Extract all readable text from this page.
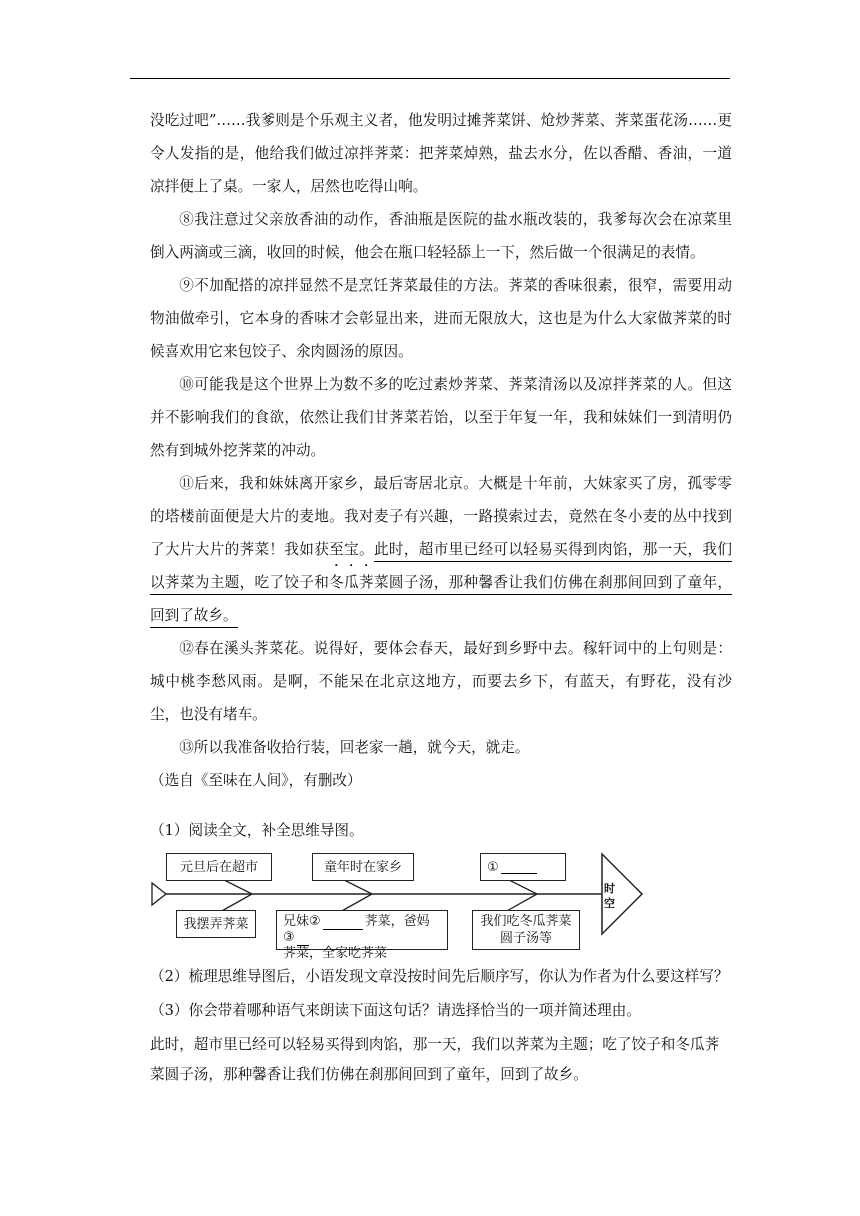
没吃过吧”……我爹则是个乐观主义者，他发明过摊荠菜饼、炝炒荠菜、荠菜蛋花汤……更令人发指的是，他给我们做过凉拌荠菜：把荠菜焯熟，盐去水分，佐以香醋、香油，一道凉拌便上了桌。一家人，居然也吃得山响。

⑧我注意过父亲放香油的动作，香油瓶是医院的盐水瓶改装的，我爹每次会在凉菜里倒入两滴或三滴，收回的时候，他会在瓶口轻轻舔上一下，然后做一个很满足的表情。

⑨不加配搭的凉拌显然不是烹饪荠菜最佳的方法。荠菜的香味很素，很窄，需要用动物油做牵引，它本身的香味才会彰显出来，进而无限放大，这也是为什么大家做荠菜的时候喜欢用它来包饺子、氽肉圆汤的原因。

⑩可能我是这个世界上为数不多的吃过素炒荠菜、荠菜清汤以及凉拌荠菜的人。但这并不影响我们的食欲，依然让我们甘荠菜若饴，以至于年复一年，我和妹妹们一到清明仍然有到城外挖荠菜的冲动。

⑪后来，我和妹妹离开家乡，最后寄居北京。大概是十年前，大妹家买了房，孤零零的塔楼前面便是大片的麦地。我对麦子有兴趣，一路摸索过去，竟然在冬小麦的丛中找到了大片大片的荠菜！我如获至宝。此时，超市里已经可以轻易买得到肉馅，那一天，我们以荠菜为主题，吃了饺子和冬瓜荠菜圆子汤，那种馨香让我们仿佛在刹那间回到了童年，回到了故乡。

⑫春在溪头荠菜花。说得好，要体会春天，最好到乡野中去。稼轩词中的上句则是：城中桃李愁风雨。是啊，不能呆在北京这地方，而要去乡下，有蓝天，有野花，没有沙尘，也没有堵车。

⑬所以我准备收拾行装，回老家一趟，就今天，就走。

（选自《至味在人间》，有删改）

（1）阅读全文，补全思维导图。

元旦后在超市	童年时在家乡	①
我摆弄荠菜	兄妹②	荠菜，爸妈③
荠菜，全家吃荠菜
我们吃冬瓜荠菜圆子汤等
时
空

（2）梳理思维导图后，小语发现文章没按时间先后顺序写，你认为作者为什么要这样写？

（3）你会带着哪种语气来朗读下面这句话？请选择恰当的一项并简述理由。

此时，超市里已经可以轻易买得到肉馅，那一天，我们以荠菜为主题；吃了饺子和冬瓜荠菜圆子汤，那种馨香让我们仿佛在刹那间回到了童年，回到了故乡。
